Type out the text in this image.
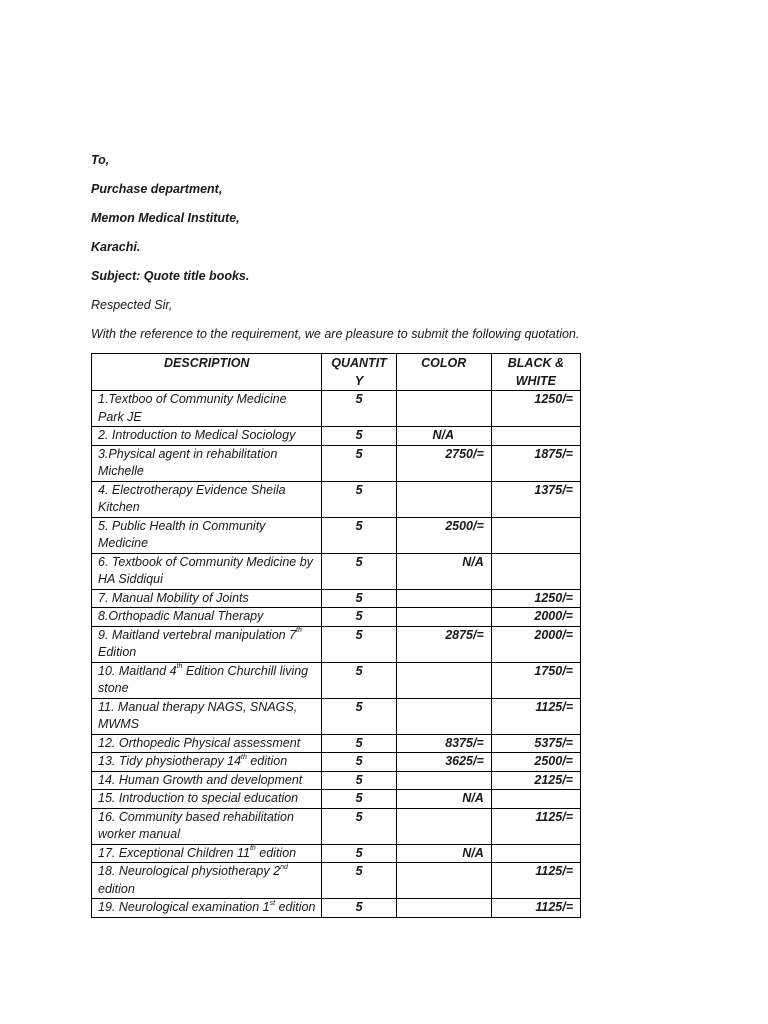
To,
Purchase department,
Memon Medical Institute,
Karachi.
Subject: Quote title books.
Respected Sir,
With the reference to the requirement, we are pleasure to submit the following quotation.
DESCRIPTION	QUANTIT Y	COLOR	BLACK & WHITE
1.Textboo of Community Medicine Park JE	5		1250/=
2. Introduction to Medical Sociology	5	N/A	
3.Physical agent in rehabilitation Michelle	5	2750/=	1875/=
4. Electrotherapy Evidence Sheila Kitchen	5		1375/=
5. Public Health in Community Medicine	5	2500/=	
6. Textbook of Community Medicine by HA Siddiqui	5	N/A	
7. Manual Mobility of Joints	5		1250/=
8.Orthopadic Manual Therapy	5		2000/=
9. Maitland vertebral manipulation 7th Edition	5	2875/=	2000/=
10. Maitland 4th Edition Churchill living stone	5		1750/=
11. Manual therapy NAGS, SNAGS, MWMS	5		1125/=
12. Orthopedic Physical assessment	5	8375/=	5375/=
13. Tidy physiotherapy 14th edition	5	3625/=	2500/=
14. Human Growth and development	5		2125/=
15. Introduction to special education	5	N/A	
16. Community based rehabilitation worker manual	5		1125/=
17. Exceptional Children 11th edition	5	N/A	
18. Neurological physiotherapy 2nd edition	5		1125/=
19. Neurological examination 1st edition	5		1125/=
